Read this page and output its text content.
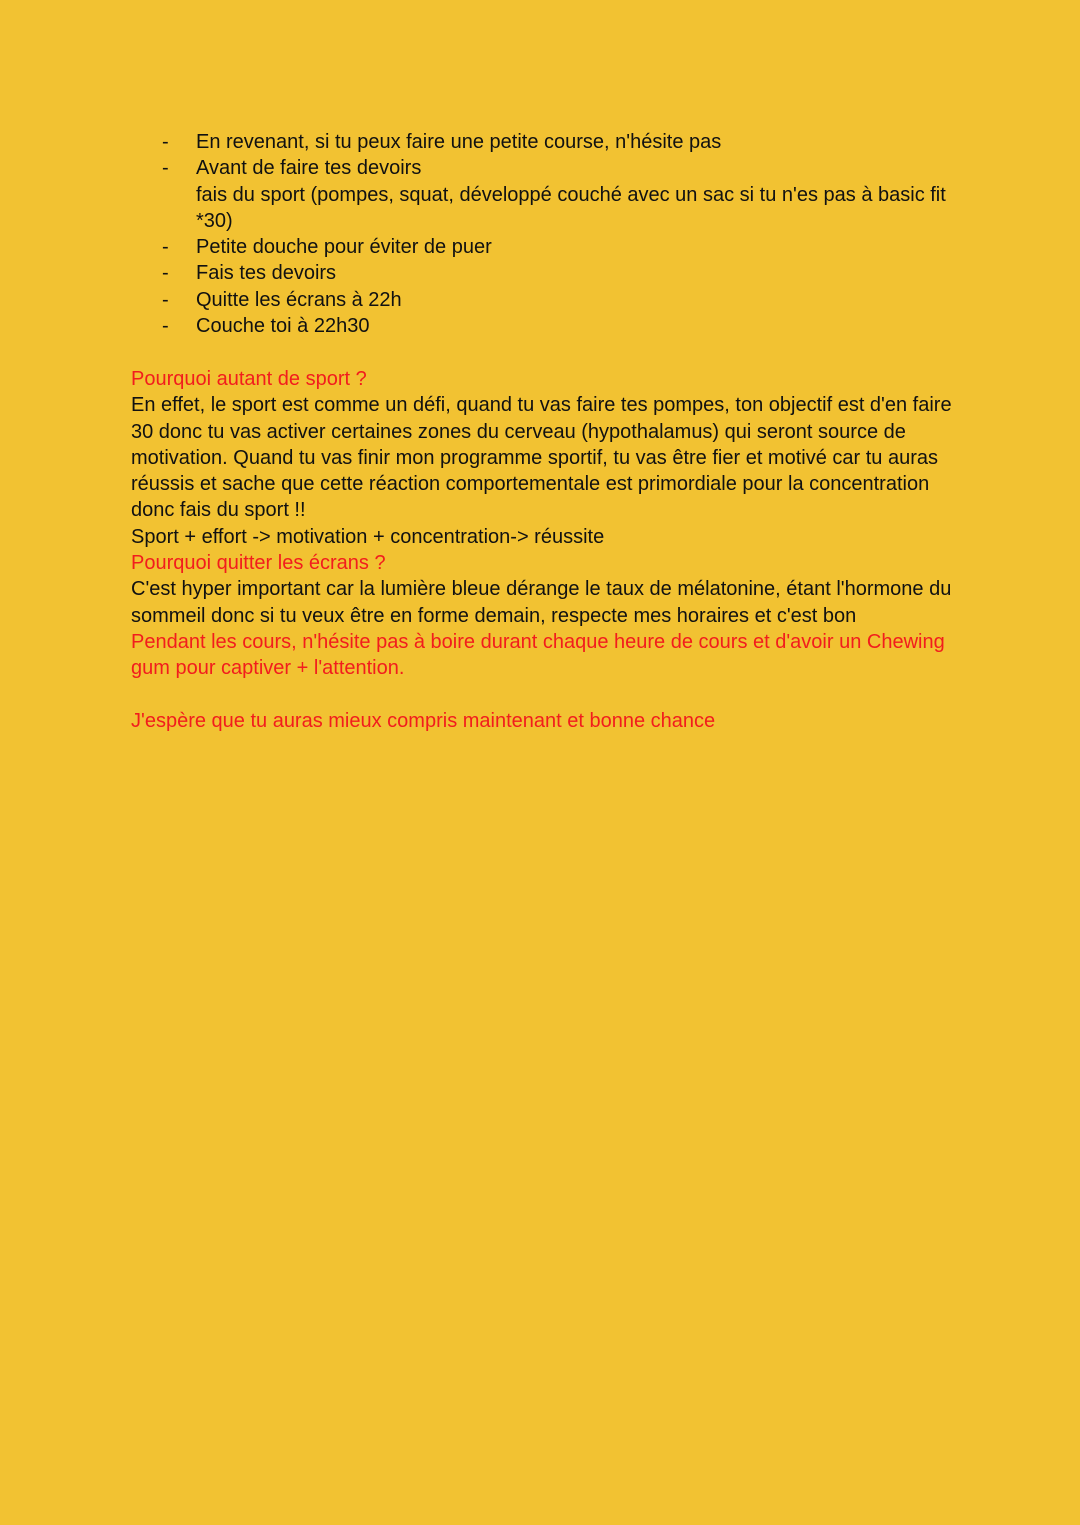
- En revenant, si tu peux faire une petite course, n'hésite pas
- Avant de faire tes devoirs
fais du sport (pompes, squat, développé couché avec un sac si tu n'es pas à basic fit
*30)
- Petite douche pour éviter de puer
- Fais tes devoirs
- Quitte les écrans à 22h
- Couche toi à 22h30

Pourquoi autant de sport ?

En effet, le sport est comme un défi, quand tu vas faire tes pompes, ton objectif est d'en faire 30 donc tu vas activer certaines zones du cerveau (hypothalamus) qui seront source de motivation. Quand tu vas finir mon programme sportif, tu vas être fier et motivé car tu auras réussis et sache que cette réaction comportementale est primordiale pour la concentration donc fais du sport !!

Sport + effort -> motivation + concentration-> réussite

Pourquoi quitter les écrans ?

C'est hyper important car la lumière bleue dérange le taux de mélatonine, étant l'hormone du sommeil donc si tu veux être en forme demain, respecte mes horaires et c'est bon

Pendant les cours, n'hésite pas à boire durant chaque heure de cours et d'avoir un Chewing gum pour captiver + l'attention.

J'espère que tu auras mieux compris maintenant et bonne chance
